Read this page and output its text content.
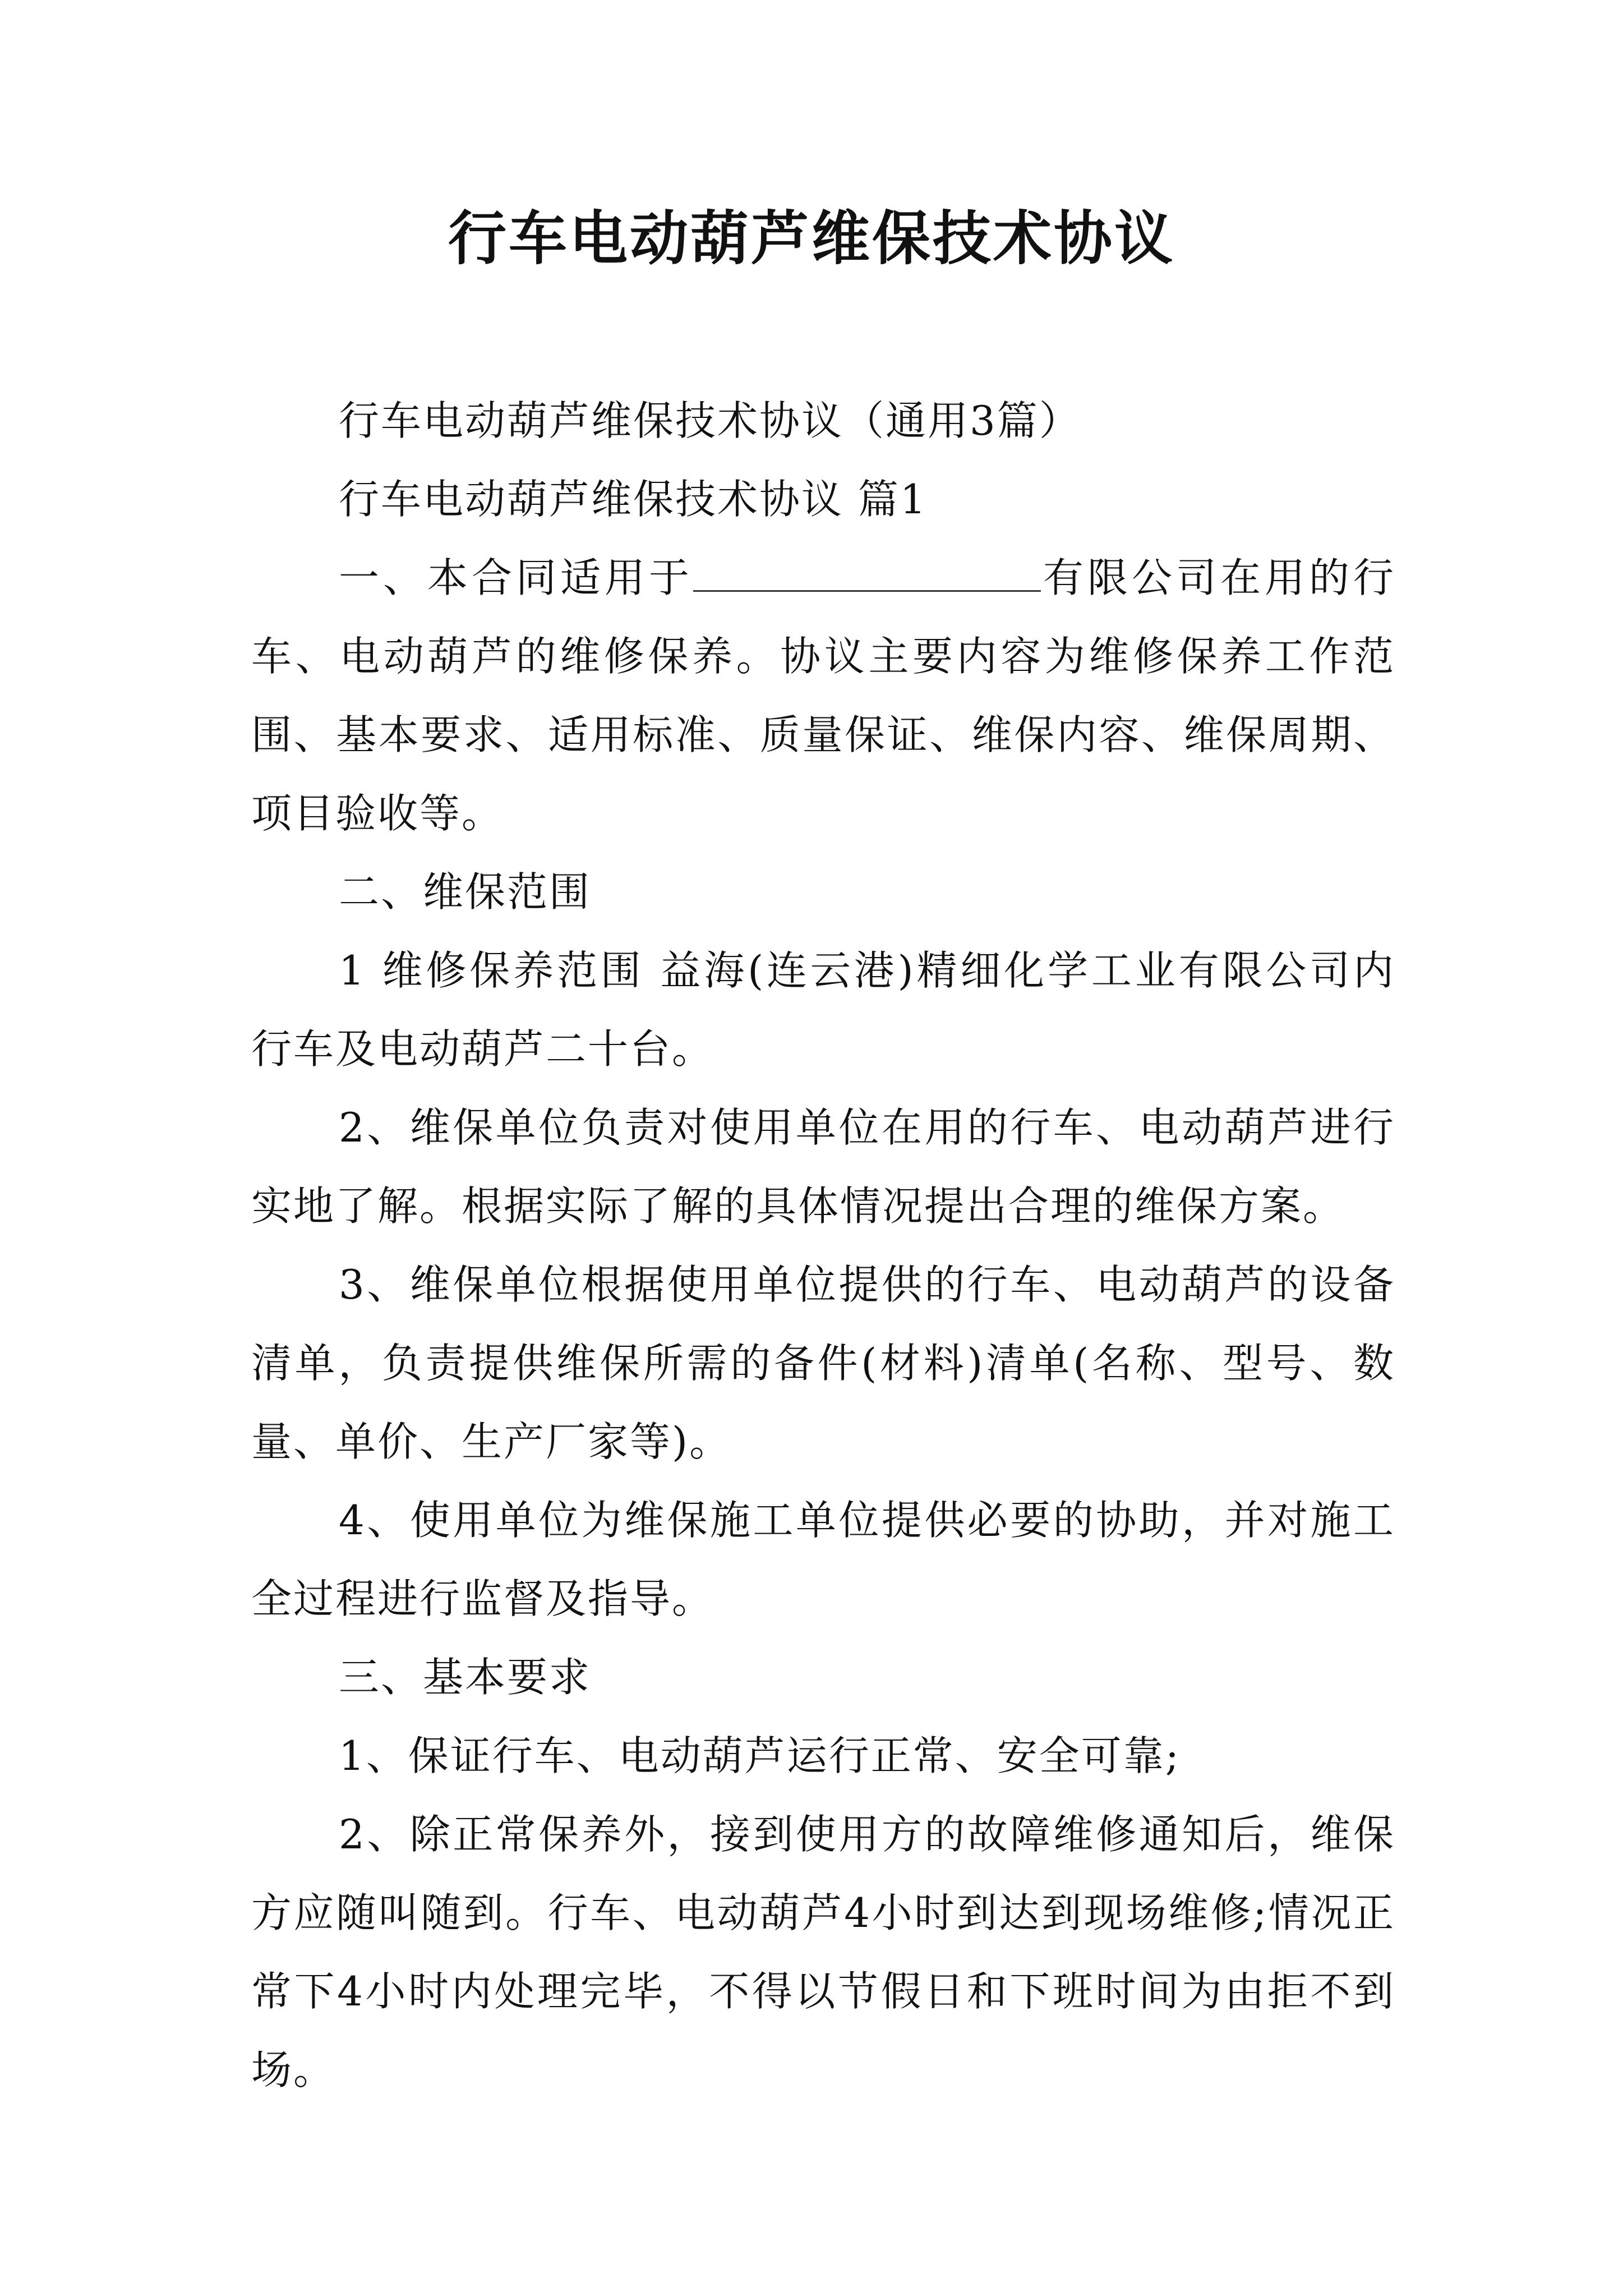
行车电动葫芦维保技术协议

行车电动葫芦维保技术协议（通用3篇）

行车电动葫芦维保技术协议 篇1

一、本合同适用于	有限公司在用的行车、电动葫芦的维修保养。协议主要内容为维修保养工作范围、基本要求、适用标准、质量保证、维保内容、维保周期、项目验收等。

二、维保范围

1 维修保养范围 益海(连云港)精细化学工业有限公司内行车及电动葫芦二十台。

2、维保单位负责对使用单位在用的行车、电动葫芦进行实地了解。根据实际了解的具体情况提出合理的维保方案。

3、维保单位根据使用单位提供的行车、电动葫芦的设备清单，负责提供维保所需的备件(材料)清单(名称、型号、数量、单价、生产厂家等)。

4、使用单位为维保施工单位提供必要的协助，并对施工全过程进行监督及指导。

三、基本要求

1、保证行车、电动葫芦运行正常、安全可靠;

2、除正常保养外，接到使用方的故障维修通知后，维保方应随叫随到。行车、电动葫芦4小时到达到现场维修;情况正常下4小时内处理完毕，不得以节假日和下班时间为由拒不到场。
